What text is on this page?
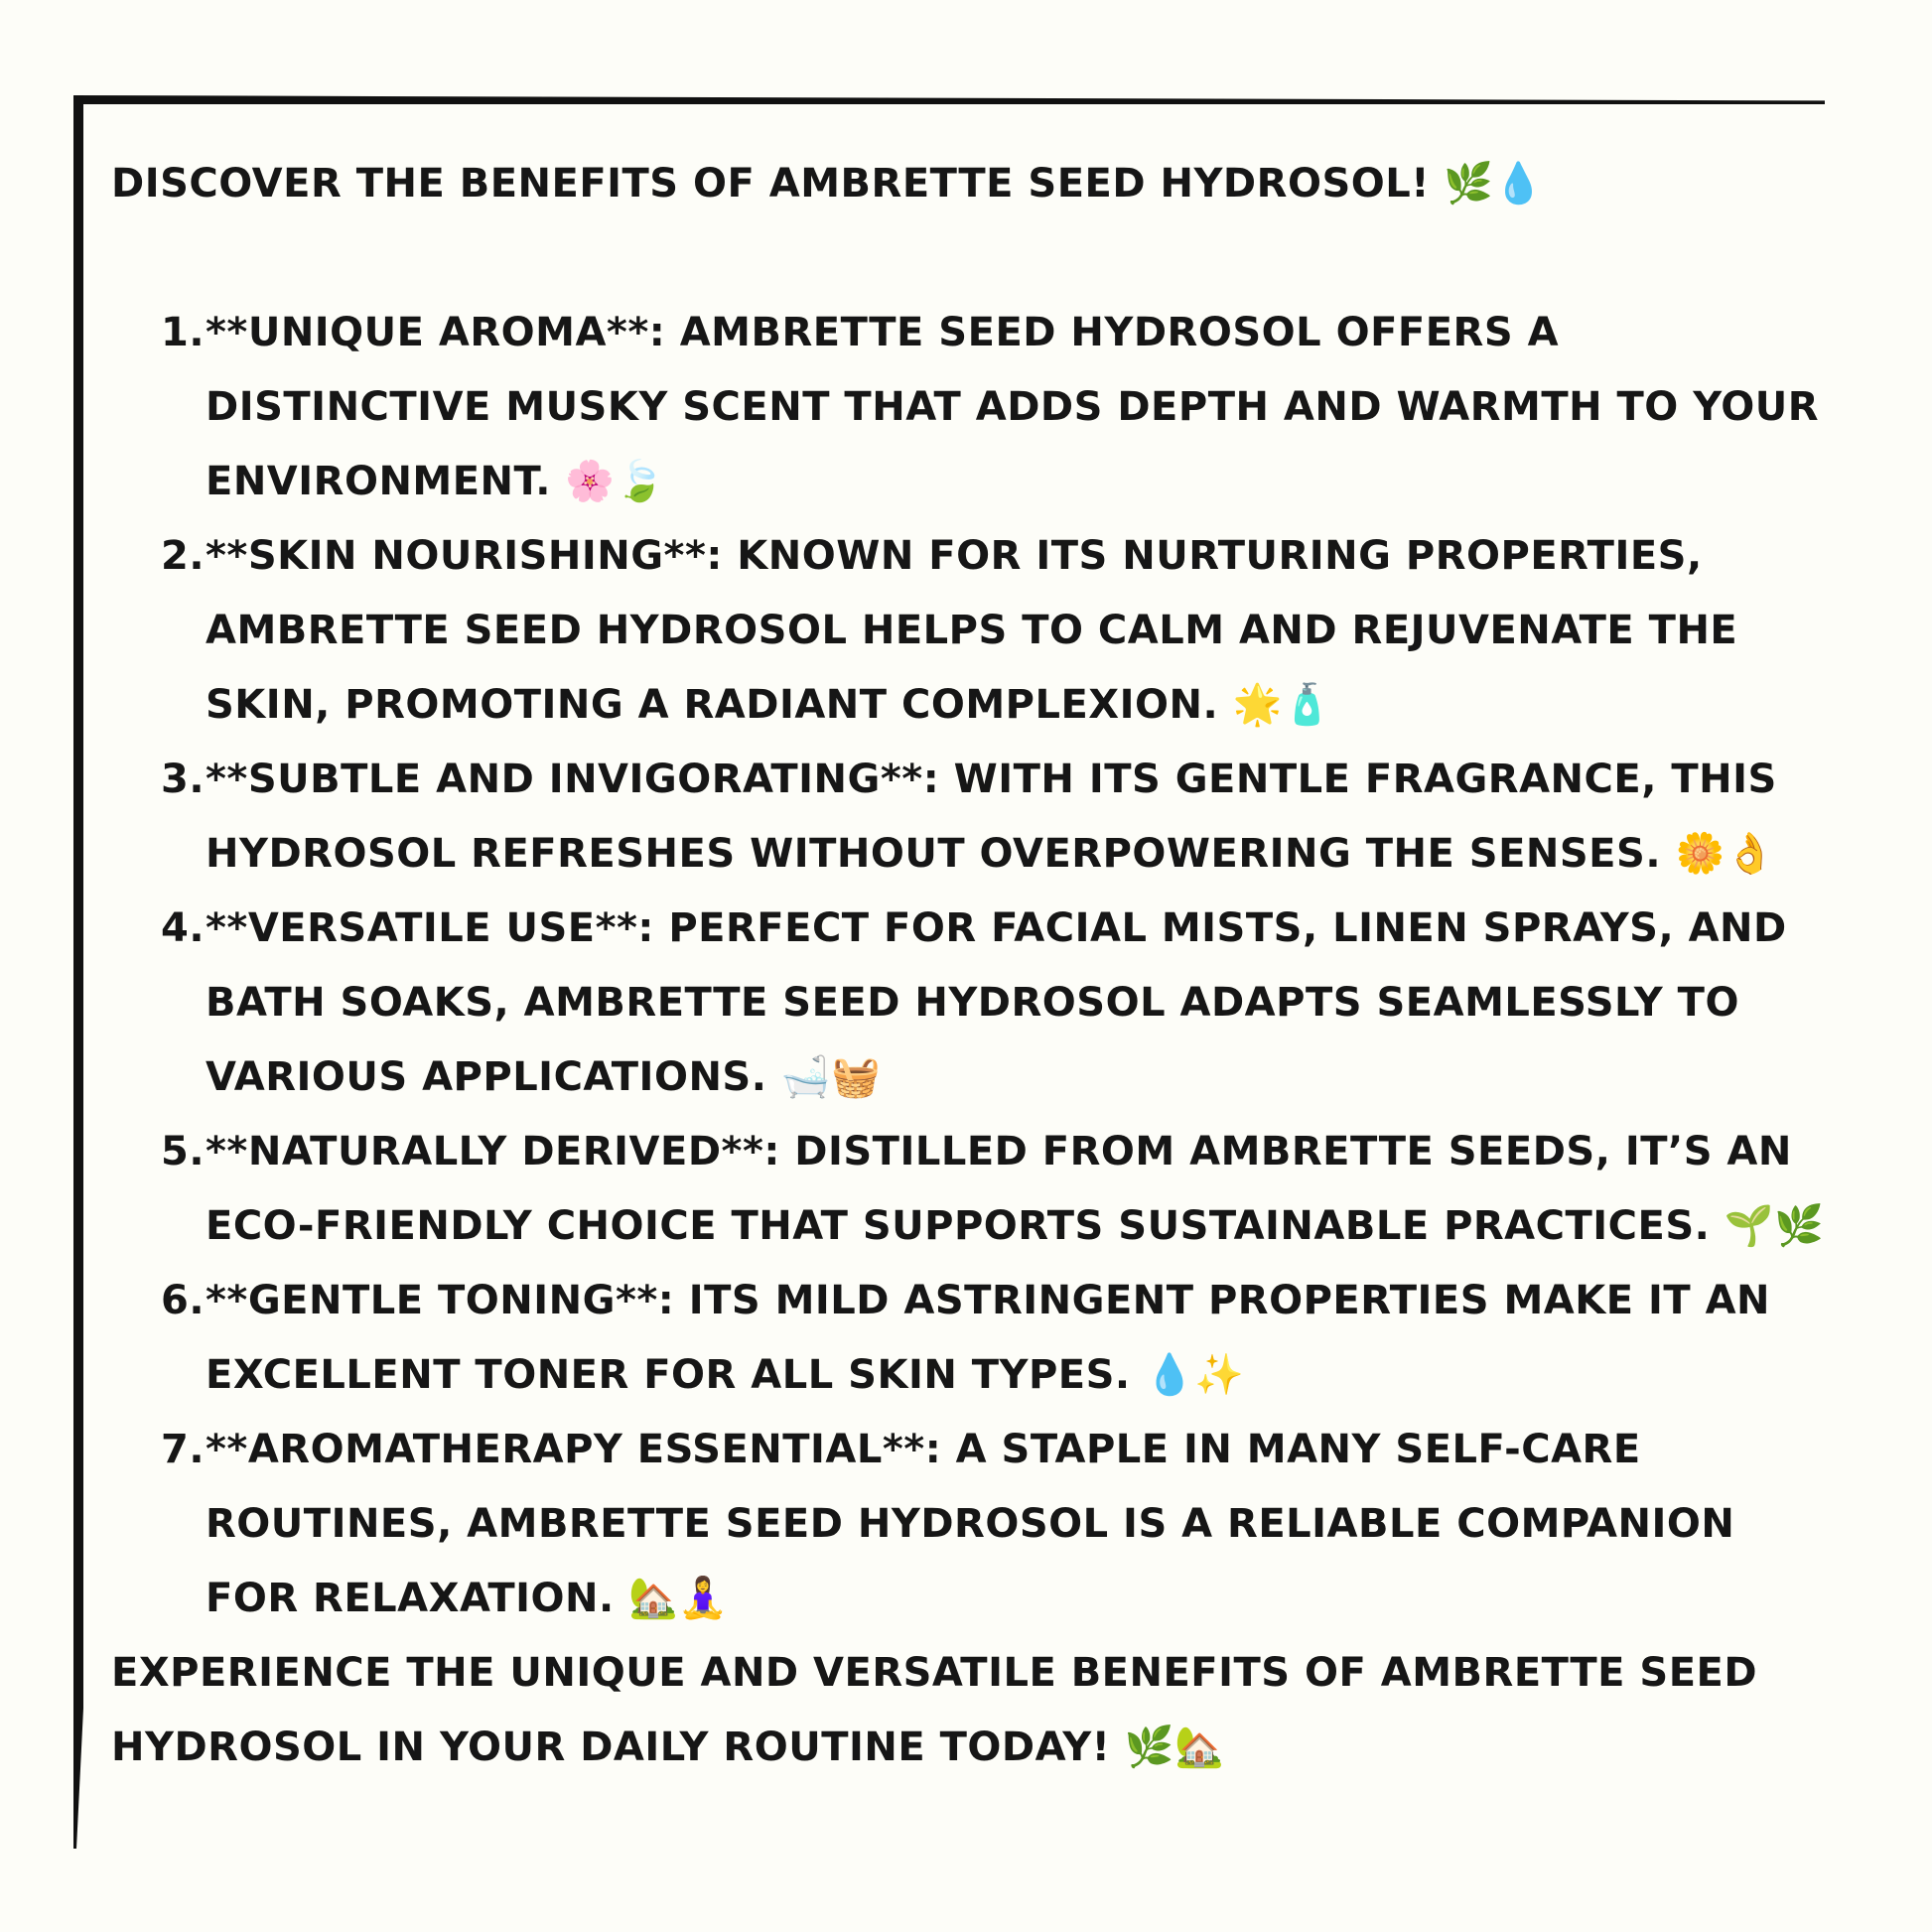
DISCOVER THE BENEFITS OF AMBRETTE SEED HYDROSOL! 🌿💧

1. **UNIQUE AROMA**: AMBRETTE SEED HYDROSOL OFFERS A DISTINCTIVE MUSKY SCENT THAT ADDS DEPTH AND WARMTH TO YOUR ENVIRONMENT. 🌸🍃
2. **SKIN NOURISHING**: KNOWN FOR ITS NURTURING PROPERTIES, AMBRETTE SEED HYDROSOL HELPS TO CALM AND REJUVENATE THE SKIN, PROMOTING A RADIANT COMPLEXION. 🌟🧴
3. **SUBTLE AND INVIGORATING**: WITH ITS GENTLE FRAGRANCE, THIS HYDROSOL REFRESHES WITHOUT OVERPOWERING THE SENSES. 🌼👌
4. **VERSATILE USE**: PERFECT FOR FACIAL MISTS, LINEN SPRAYS, AND BATH SOAKS, AMBRETTE SEED HYDROSOL ADAPTS SEAMLESSLY TO VARIOUS APPLICATIONS. 🛁🧺
5. **NATURALLY DERIVED**: DISTILLED FROM AMBRETTE SEEDS, IT’S AN ECO-FRIENDLY CHOICE THAT SUPPORTS SUSTAINABLE PRACTICES. 🌱🌿
6. **GENTLE TONING**: ITS MILD ASTRINGENT PROPERTIES MAKE IT AN EXCELLENT TONER FOR ALL SKIN TYPES. 💧✨
7. **AROMATHERAPY ESSENTIAL**: A STAPLE IN MANY SELF-CARE ROUTINES, AMBRETTE SEED HYDROSOL IS A RELIABLE COMPANION FOR RELAXATION. 🏡🧘‍♀️

EXPERIENCE THE UNIQUE AND VERSATILE BENEFITS OF AMBRETTE SEED HYDROSOL IN YOUR DAILY ROUTINE TODAY! 🌿🏡
